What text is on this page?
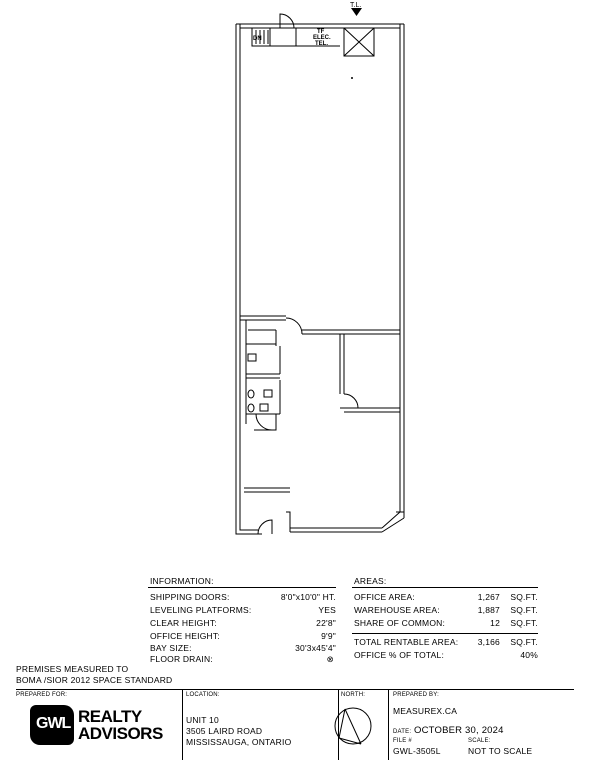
T.L.
DN
TF
ELEC.
TEL.
INFORMATION:
SHIPPING DOORS:	8'0"x10'0" HT.
LEVELING PLATFORMS:	YES
CLEAR HEIGHT:	22'8"
OFFICE HEIGHT:	9'9"
BAY SIZE:	30'3x45'4"
FLOOR DRAIN:	⊗
AREAS:
OFFICE AREA:	1,267 SQ.FT.
WAREHOUSE AREA:	1,887 SQ.FT.
SHARE OF COMMON:	12 SQ.FT.
TOTAL RENTABLE AREA: 3,166 SQ.FT.
OFFICE % OF TOTAL:	40%
PREMISES MEASURED TO
BOMA /SIOR 2012 SPACE STANDARD
PREPARED FOR:	LOCATION:	NORTH:	PREPARED BY:
GWL REALTY
ADVISORS
UNIT 10
3505 LAIRD ROAD
MISSISSAUGA, ONTARIO
MEASUREX.CA
DATE: OCTOBER 30, 2024
FILE #	SCALE:
GWL-3505L	NOT TO SCALE
